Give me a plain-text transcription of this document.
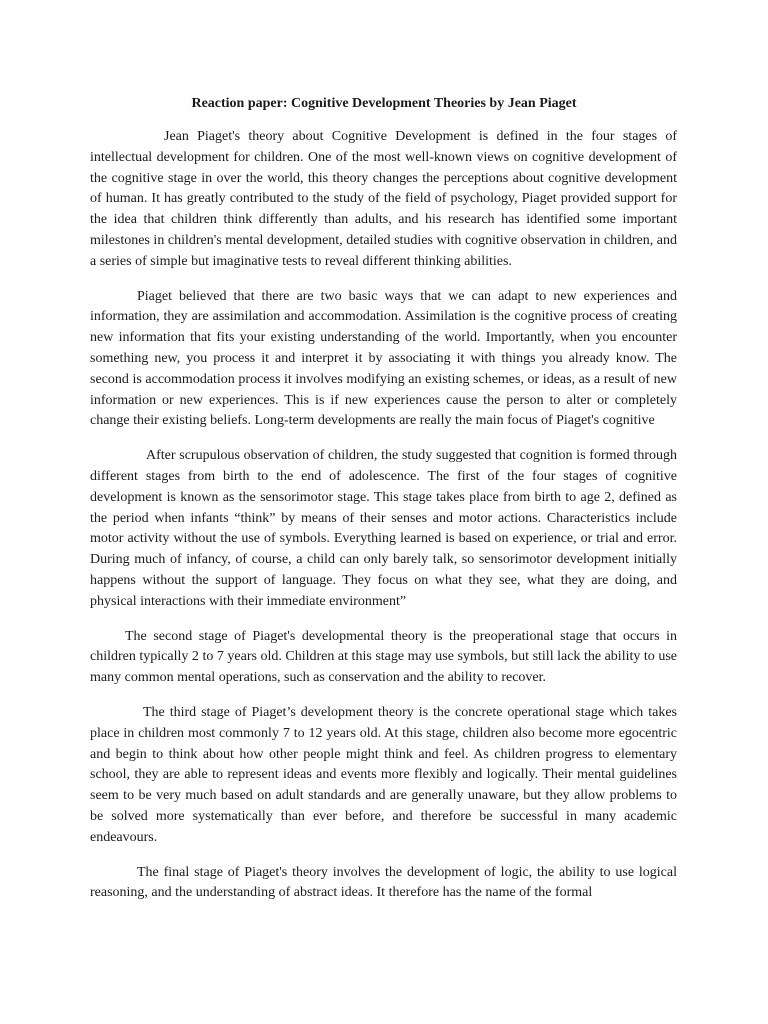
Reaction paper: Cognitive Development Theories by Jean Piaget

Jean Piaget's theory about Cognitive Development is defined in the four stages of intellectual development for children. One of the most well-known views on cognitive development of the cognitive stage in over the world, this theory changes the perceptions about cognitive development of human. It has greatly contributed to the study of the field of psychology, Piaget provided support for the idea that children think differently than adults, and his research has identified some important milestones in children's mental development, detailed studies with cognitive observation in children, and a series of simple but imaginative tests to reveal different thinking abilities.

Piaget believed that there are two basic ways that we can adapt to new experiences and information, they are assimilation and accommodation. Assimilation is the cognitive process of creating new information that fits your existing understanding of the world. Importantly, when you encounter something new, you process it and interpret it by associating it with things you already know. The second is accommodation process it involves modifying an existing schemes, or ideas, as a result of new information or new experiences. This is if new experiences cause the person to alter or completely change their existing beliefs. Long-term developments are really the main focus of Piaget's cognitive

After scrupulous observation of children, the study suggested that cognition is formed through different stages from birth to the end of adolescence. The first of the four stages of cognitive development is known as the sensorimotor stage. This stage takes place from birth to age 2, defined as the period when infants “think” by means of their senses and motor actions. Characteristics include motor activity without the use of symbols. Everything learned is based on experience, or trial and error. During much of infancy, of course, a child can only barely talk, so sensorimotor development initially happens without the support of language. They focus on what they see, what they are doing, and physical interactions with their immediate environment”

The second stage of Piaget's developmental theory is the preoperational stage that occurs in children typically 2 to 7 years old. Children at this stage may use symbols, but still lack the ability to use many common mental operations, such as conservation and the ability to recover.

The third stage of Piaget’s development theory is the concrete operational stage which takes place in children most commonly 7 to 12 years old. At this stage, children also become more egocentric and begin to think about how other people might think and feel. As children progress to elementary school, they are able to represent ideas and events more flexibly and logically. Their mental guidelines seem to be very much based on adult standards and are generally unaware, but they allow problems to be solved more systematically than ever before, and therefore be successful in many academic endeavours.

The final stage of Piaget's theory involves the development of logic, the ability to use logical reasoning, and the understanding of abstract ideas. It therefore has the name of the formal
